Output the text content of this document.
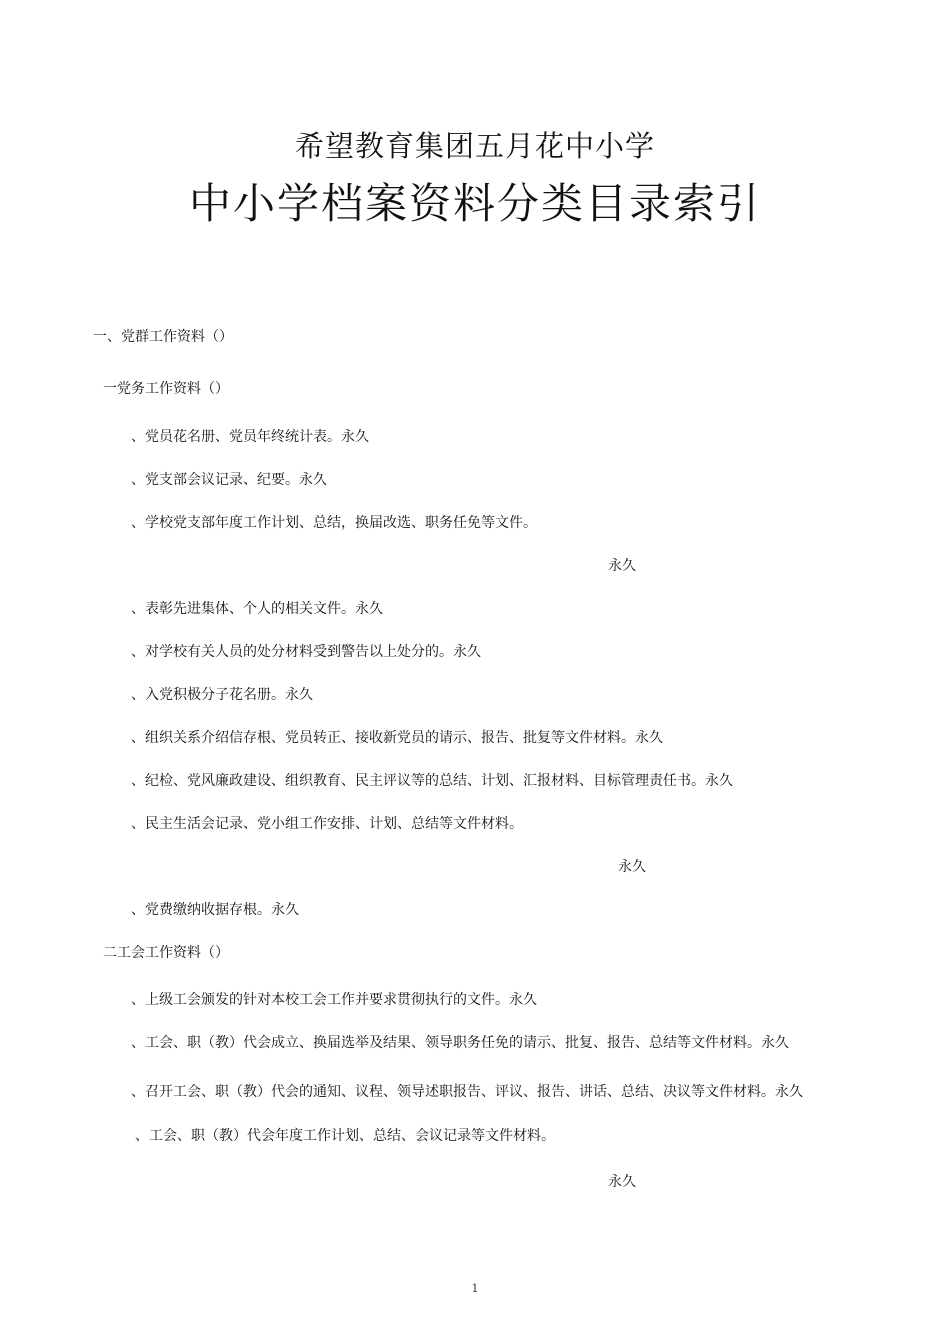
希望教育集团五月花中小学
中小学档案资料分类目录索引
一、党群工作资料（）
一党务工作资料（）
、党员花名册、党员年终统计表。永久
、党支部会议记录、纪要。永久
、学校党支部年度工作计划、总结，换届改选、职务任免等文件。
永久
、表彰先进集体、个人的相关文件。永久
、对学校有关人员的处分材料受到警告以上处分的。永久
、入党积极分子花名册。永久
、组织关系介绍信存根、党员转正、接收新党员的请示、报告、批复等文件材料。永久
、纪检、党风廉政建设、组织教育、民主评议等的总结、计划、汇报材料、目标管理责任书。永久
、民主生活会记录、党小组工作安排、计划、总结等文件材料。
永久
、党费缴纳收据存根。永久
二工会工作资料（）
、上级工会颁发的针对本校工会工作并要求贯彻执行的文件。永久
、工会、职（教）代会成立、换届选举及结果、领导职务任免的请示、批复、报告、总结等文件材料。永久
、召开工会、职（教）代会的通知、议程、领导述职报告、评议、报告、讲话、总结、决议等文件材料。永久
、工会、职（教）代会年度工作计划、总结、会议记录等文件材料。
永久
1
